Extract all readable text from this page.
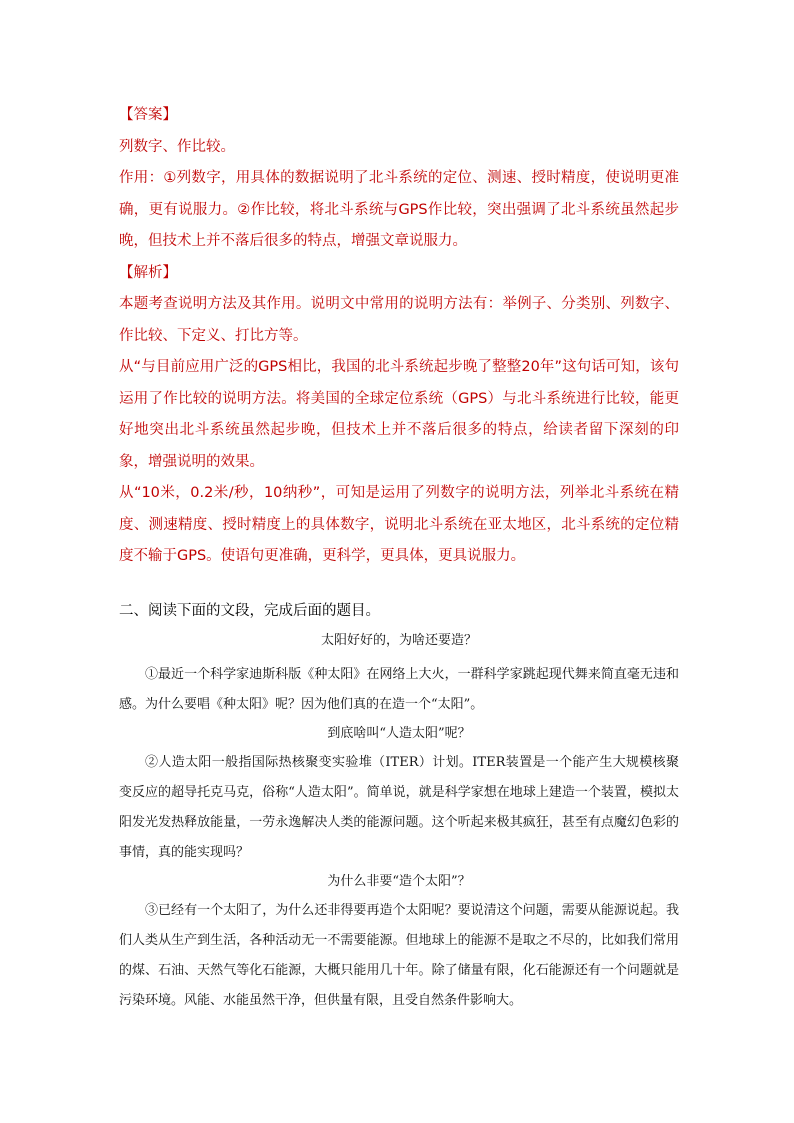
【答案】

列数字、作比较。

作用：①列数字，用具体的数据说明了北斗系统的定位、测速、授时精度，使说明更准确，更有说服力。②作比较，将北斗系统与GPS作比较，突出强调了北斗系统虽然起步晚，但技术上并不落后很多的特点，增强文章说服力。

【解析】

本题考查说明方法及其作用。说明文中常用的说明方法有：举例子、分类别、列数字、作比较、下定义、打比方等。

从“与目前应用广泛的GPS相比，我国的北斗系统起步晚了整整20年”这句话可知，该句运用了作比较的说明方法。将美国的全球定位系统（GPS）与北斗系统进行比较，能更好地突出北斗系统虽然起步晚，但技术上并不落后很多的特点，给读者留下深刻的印象，增强说明的效果。

从“10米，0.2米/秒，10纳秒”，可知是运用了列数字的说明方法，列举北斗系统在精度、测速精度、授时精度上的具体数字，说明北斗系统在亚太地区，北斗系统的定位精度不输于GPS。使语句更准确，更科学，更具体，更具说服力。

二、阅读下面的文段，完成后面的题目。

太阳好好的，为啥还要造？

①最近一个科学家迪斯科版《种太阳》在网络上大火，一群科学家跳起现代舞来简直毫无违和感。为什么要唱《种太阳》呢？因为他们真的在造一个“太阳”。

到底啥叫“人造太阳”呢？

②人造太阳一般指国际热核聚变实验堆（ITER）计划。ITER装置是一个能产生大规模核聚变反应的超导托克马克，俗称“人造太阳”。简单说，就是科学家想在地球上建造一个装置，模拟太阳发光发热释放能量，一劳永逸解决人类的能源问题。这个听起来极其疯狂，甚至有点魔幻色彩的事情，真的能实现吗？

为什么非要“造个太阳”？

③已经有一个太阳了，为什么还非得要再造个太阳呢？要说清这个问题，需要从能源说起。我们人类从生产到生活，各种活动无一不需要能源。但地球上的能源不是取之不尽的，比如我们常用的煤、石油、天然气等化石能源，大概只能用几十年。除了储量有限，化石能源还有一个问题就是污染环境。风能、水能虽然干净，但供量有限，且受自然条件影响大。
